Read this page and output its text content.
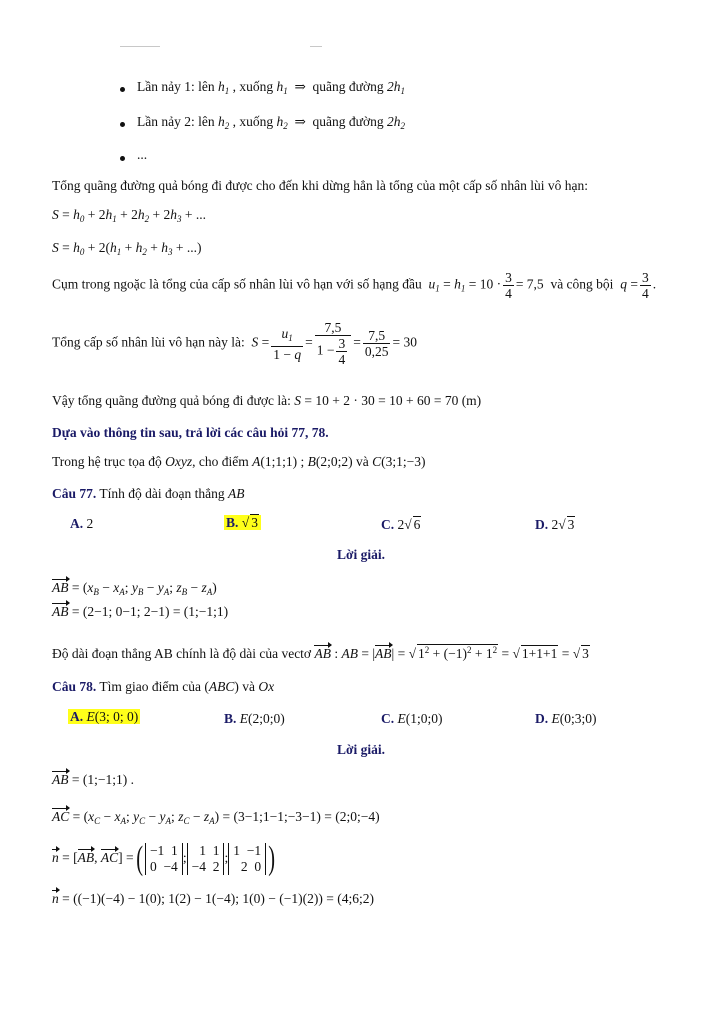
Lần nảy 1: lên $h_1$ , xuống $h_1$  ⇒  quãng đường $2h_1$
Lần nảy 2: lên $h_2$ , xuống $h_2$  ⇒  quãng đường $2h_2$
...
Tổng quãng đường quả bóng đi được cho đến khi dừng hẳn là tổng của một cấp số nhân lùi vô hạn:
$S = h_0 + 2h_1 + 2h_2 + 2h_3$ + ...
$S = h_0 + 2(h_1 + h_2 + h_3$ + ...)
Cụm trong ngoặc là tổng của cấp số nhân lùi vô hạn với số hạng đầu $u_1 = h_1 = 10 \cdot \frac{3}{4} = 7,5$  và công bội $q = \frac{3}{4}$ .
Tổng cấp số nhân lùi vô hạn này là: $S = \frac{u_1}{1 - q} = \frac{7,5}{1 - \frac{3}{4}} = \frac{7,5}{0,25} = 30$
Vậy tổng quãng đường quả bóng đi được là: S = 10 + 2 · 30 = 10 + 60 = 70 (m)
Dựa vào thông tin sau, trả lời các câu hỏi 77, 78.
Trong hệ trục tọa độ Oxyz, cho điểm A(1;1;1) ; B(2;0;2) và C(3;1;−3)
Câu 77. Tính độ dài đoạn thẳng AB
A. 2	B. √ 3	C. 2√ 6	D. 2√ 3
Lời giải.
AB = ($x_B - x_A$; $y_B - y_A$; $z_B - z_A$)
AB = (2−1; 0−1; 2−1) = (1;−1;1)
Độ dài đoạn thẳng AB chính là độ dài của vectơ AB : AB = |AB| = √ $1^2 + (-1)^2 + 1^2$ = √ 1+1+1 = √ 3
Câu 78. Tìm giao điểm của (ABC) và Ox
A. E(3; 0; 0)	B. E(2;0;0)	C. E(1;0;0)	D. E(0;3;0)
Lời giải.
AB = (1;−1;1) .
AC = ($x_C - x_A$; $y_C - y_A$; $z_C - z_A$) = (3−1;1−1;−3−1) = (2;0;−4)
n = [AB, AC] =( −1  1
0  −4; 1  1
−4  2; 1  −1
2  0 )
n = ((−1)(−4) − 1(0); 1(2) − 1(−4); 1(0) − (−1)(2)) = (4;6;2)
